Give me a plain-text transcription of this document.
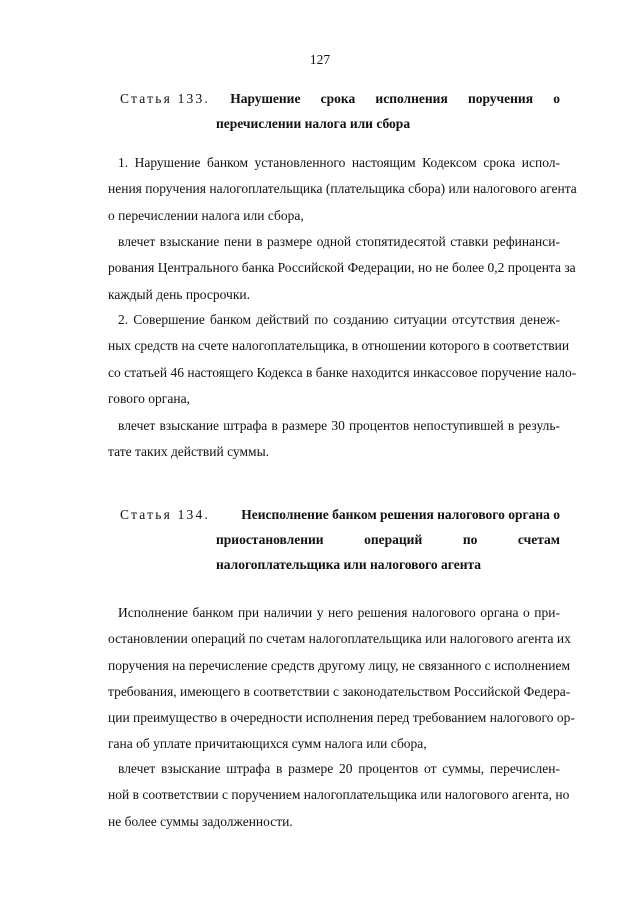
127
Статья 133. Нарушение срока исполнения поручения о
перечислении налога или сбора
1. Нарушение банком установленного настоящим Кодексом срока испол-
нения поручения налогоплательщика (плательщика сбора) или налогового агента
о перечислении налога или сбора,
влечет взыскание пени в размере одной стопятидесятой ставки рефинанси-
рования Центрального банка Российской Федерации, но не более 0,2 процента за
каждый день просрочки.
2. Совершение банком действий по созданию ситуации отсутствия денеж-
ных средств на счете налогоплательщика, в отношении которого в соответствии
со статьей 46 настоящего Кодекса в банке находится инкассовое поручение нало-
гового органа,
влечет взыскание штрафа в размере 30 процентов непоступившей в резуль-
тате таких действий суммы.
Статья 134. Неисполнение банком решения налогового органа о
приостановлении	операций	по	счетам
налогоплательщика или налогового агента
Исполнение банком при наличии у него решения налогового органа о при-
остановлении операций по счетам налогоплательщика или налогового агента их
поручения на перечисление средств другому лицу, не связанного с исполнением
требования, имеющего в соответствии с законодательством Российской Федера-
ции преимущество в очередности исполнения перед требованием налогового ор-
гана об уплате причитающихся сумм налога или сбора,
влечет взыскание штрафа в размере 20 процентов от суммы, перечислен-
ной в соответствии с поручением налогоплательщика или налогового агента, но
не более суммы задолженности.
